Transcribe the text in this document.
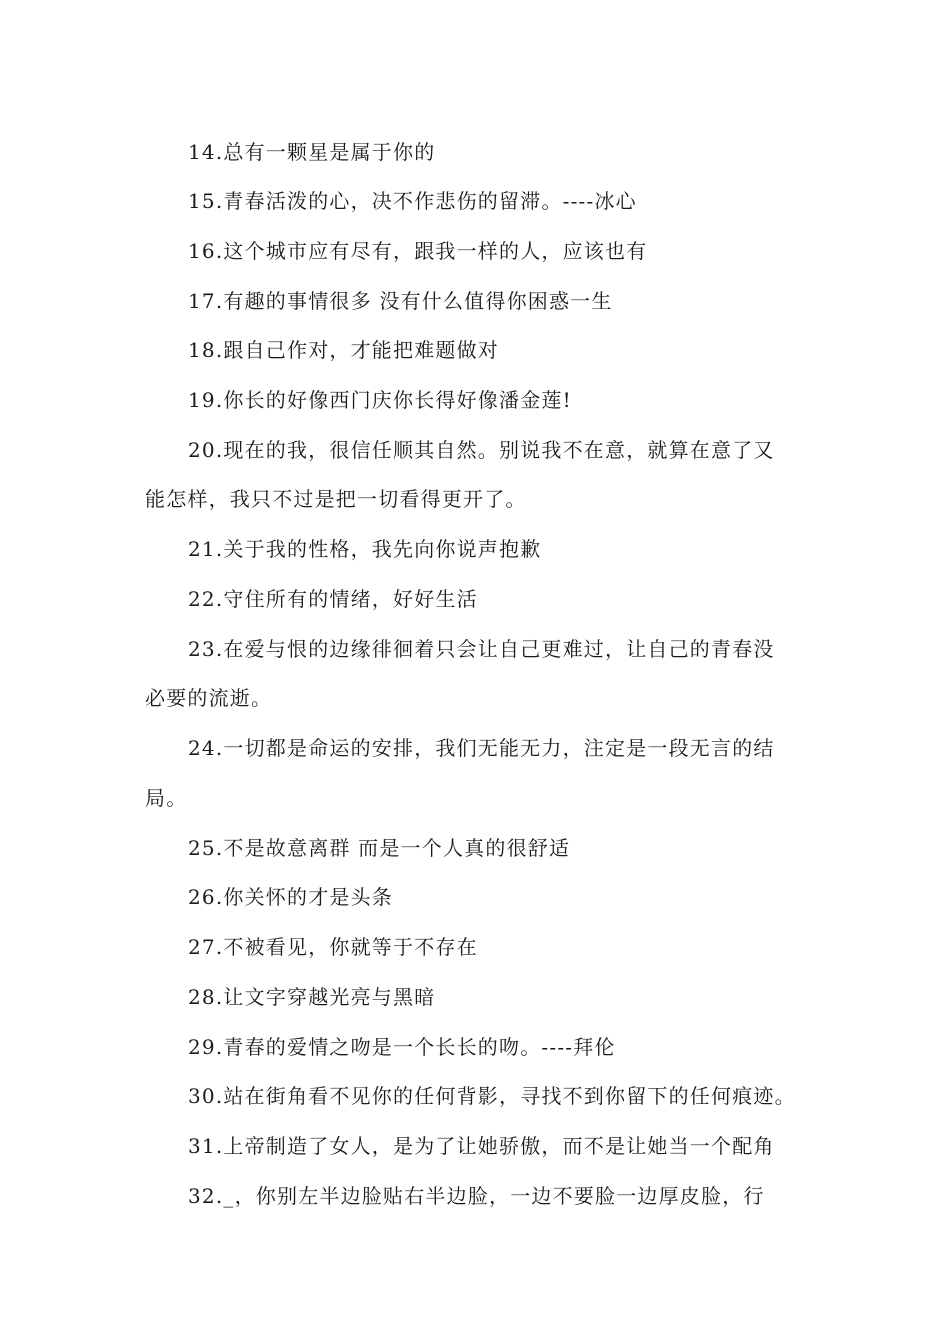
14.总有一颗星是属于你的
15.青春活泼的心，决不作悲伤的留滞。----冰心
16.这个城市应有尽有，跟我一样的人，应该也有
17.有趣的事情很多 没有什么值得你困惑一生
18.跟自己作对，才能把难题做对
19.你长的好像西门庆你长得好像潘金莲!
20.现在的我，很信任顺其自然。别说我不在意，就算在意了又
能怎样，我只不过是把一切看得更开了。
21.关于我的性格，我先向你说声抱歉
22.守住所有的情绪，好好生活
23.在爱与恨的边缘徘徊着只会让自己更难过，让自己的青春没
必要的流逝。
24.一切都是命运的安排，我们无能无力，注定是一段无言的结
局。
25.不是故意离群 而是一个人真的很舒适
26.你关怀的才是头条
27.不被看见，你就等于不存在
28.让文字穿越光亮与黑暗
29.青春的爱情之吻是一个长长的吻。----拜伦
30.站在街角看不见你的任何背影，寻找不到你留下的任何痕迹。
31.上帝制造了女人，是为了让她骄傲，而不是让她当一个配角
32._，你别左半边脸贴右半边脸，一边不要脸一边厚皮脸，行
